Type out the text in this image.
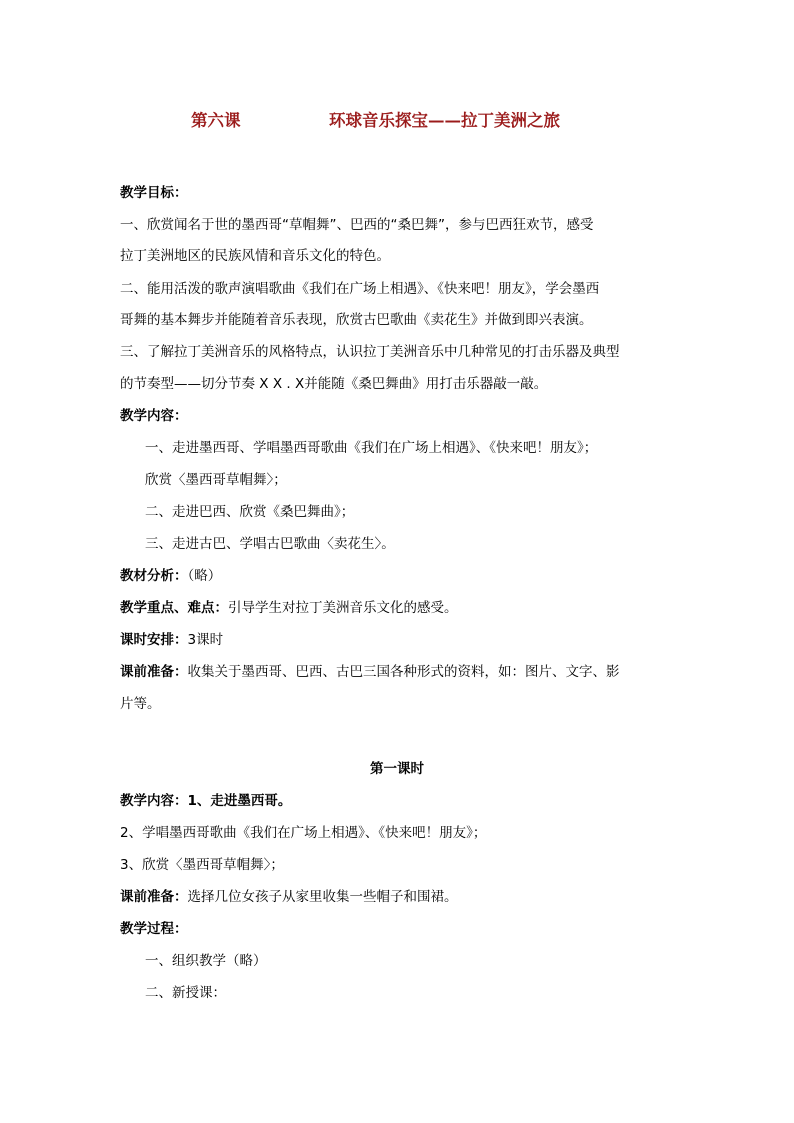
第六课	环球音乐探宝——拉丁美洲之旅
教学目标：
一、欣赏闻名于世的墨西哥“草帽舞”、巴西的“桑巴舞”，参与巴西狂欢节，感受
拉丁美洲地区的民族风情和音乐文化的特色。
二、能用活泼的歌声演唱歌曲《我们在广场上相遇》、《快来吧！朋友》，学会墨西
哥舞的基本舞步并能随着音乐表现，欣赏古巴歌曲《卖花生》并做到即兴表演。
三、了解拉丁美洲音乐的风格特点，认识拉丁美洲音乐中几种常见的打击乐器及典型
的节奏型——切分节奏 X X . X并能随《桑巴舞曲》用打击乐器敲一敲。
教学内容：
一、走进墨西哥、学唱墨西哥歌曲《我们在广场上相遇》、《快来吧！朋友》；
欣赏〈墨西哥草帽舞〉；
二、走进巴西、欣赏《桑巴舞曲》；
三、走进古巴、学唱古巴歌曲〈卖花生〉。
教材分析：（略）
教学重点、难点：引导学生对拉丁美洲音乐文化的感受。
课时安排：3课时
课前准备：收集关于墨西哥、巴西、古巴三国各种形式的资料，如：图片、文字、影
片等。
第一课时
教学内容：1、走进墨西哥。
2、学唱墨西哥歌曲《我们在广场上相遇》、《快来吧！朋友》；
3、欣赏〈墨西哥草帽舞〉；
课前准备：选择几位女孩子从家里收集一些帽子和围裙。
教学过程：
一、组织教学（略）
二、新授课：
